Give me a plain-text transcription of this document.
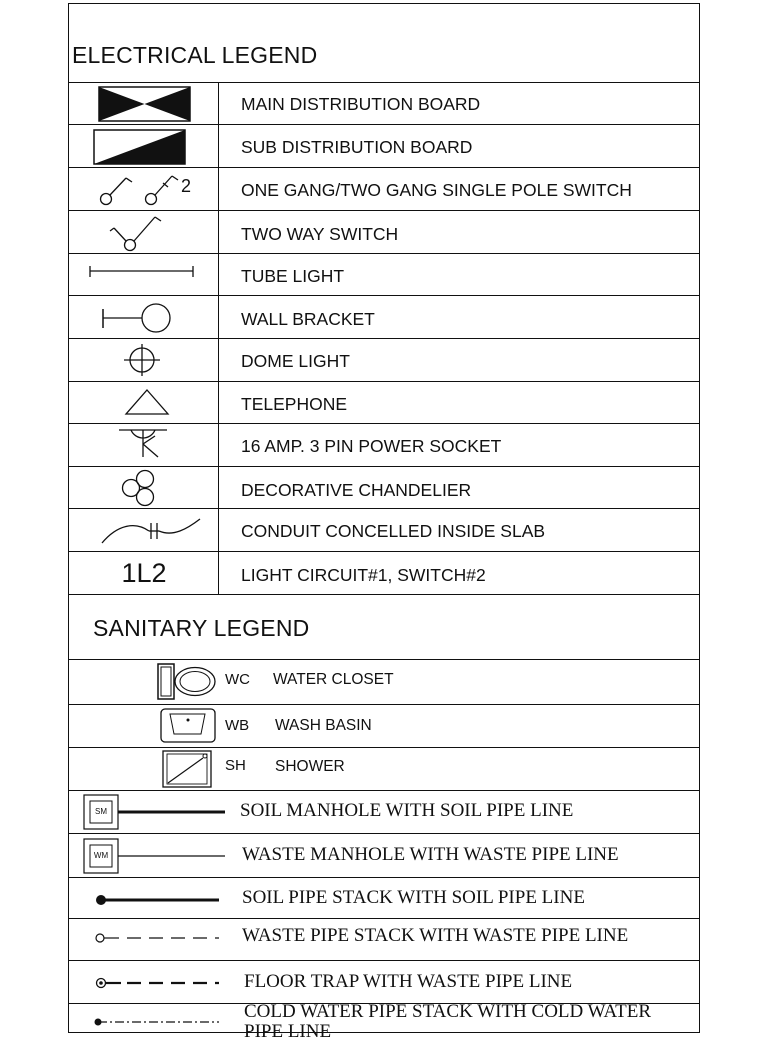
ELECTRICAL LEGEND
MAIN DISTRIBUTION BOARD
SUB DISTRIBUTION BOARD
2	ONE GANG/TWO GANG SINGLE POLE SWITCH
TWO WAY SWITCH
TUBE LIGHT
WALL BRACKET
DOME LIGHT
TELEPHONE
16 AMP. 3 PIN POWER SOCKET
DECORATIVE CHANDELIER
CONDUIT CONCELLED INSIDE SLAB
1L2	LIGHT CIRCUIT#1, SWITCH#2
SANITARY LEGEND
WC WATER CLOSET
WB WASH BASIN
SH SHOWER
SM	SOIL MANHOLE WITH SOIL PIPE LINE
WM	WASTE MANHOLE WITH WASTE PIPE LINE
SOIL PIPE STACK WITH SOIL PIPE LINE
WASTE PIPE STACK WITH WASTE PIPE LINE
FLOOR TRAP WITH WASTE PIPE LINE
COLD WATER PIPE STACK WITH COLD WATER
PIPE LINE
